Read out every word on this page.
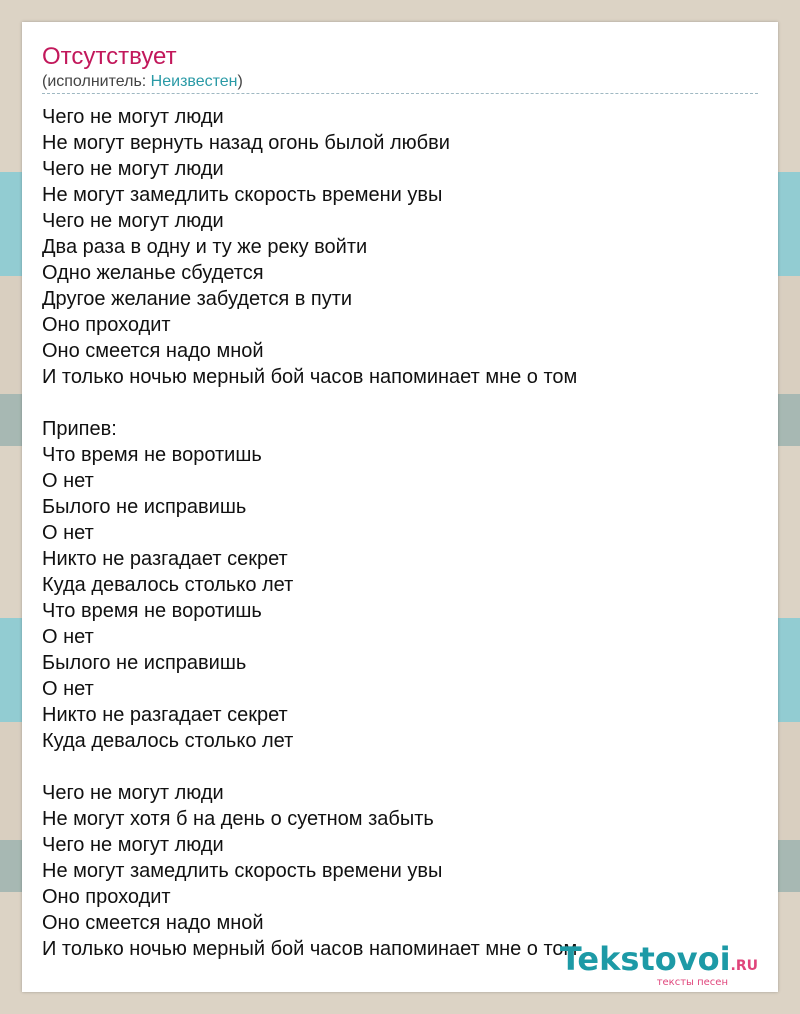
Отсутствует
(исполнитель: Неизвестен)
Чего не могут люди
Не могут вернуть назад огонь былой любви
Чего не могут люди
Не могут замедлить скорость времени увы
Чего не могут люди
Два раза в одну и ту же реку войти
Одно желанье сбудется
Другое желание забудется в пути
Оно проходит
Оно смеется надо мной
И только ночью мерный бой часов напоминает мне о том
Припев:
Что время не воротишь
О нет
Былого не исправишь
О нет
Никто не разгадает секрет
Куда девалось столько лет
Что время не воротишь
О нет
Былого не исправишь
О нет
Никто не разгадает секрет
Куда девалось столько лет
Чего не могут люди
Не могут хотя б на день о суетном забыть
Чего не могут люди
Не могут замедлить скорость времени увы
Оно проходит
Оно смеется надо мной
И только ночью мерный бой часов напоминает мне о том
Tekstovoi.RU
тексты песен
